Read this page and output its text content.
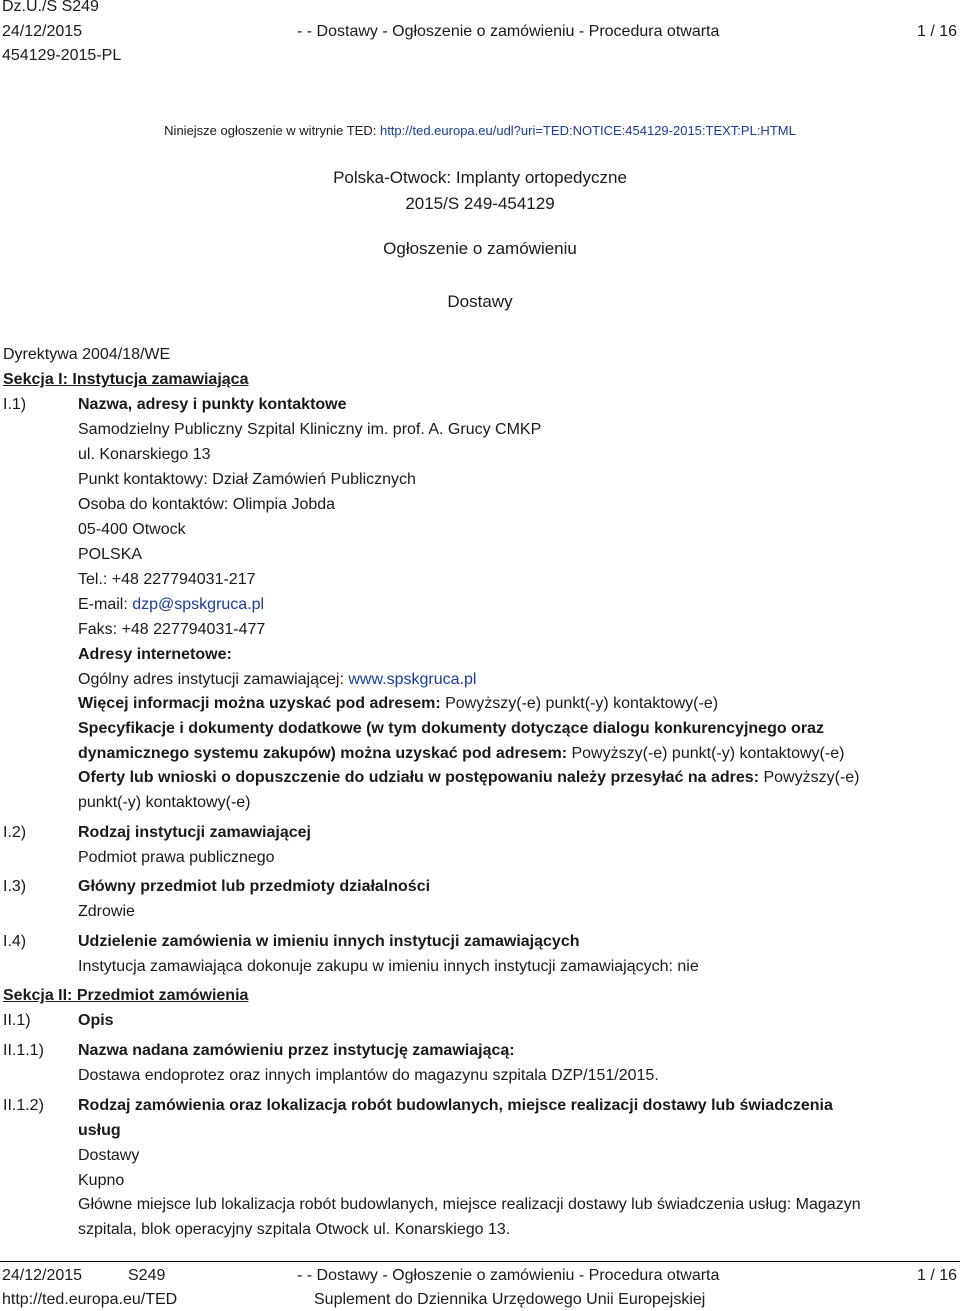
Dz.U./S S249
24/12/2015
454129-2015-PL
- - Dostawy - Ogłoszenie o zamówieniu - Procedura otwarta	1 / 16
Niniejsze ogłoszenie w witrynie TED: http://ted.europa.eu/udl?uri=TED:NOTICE:454129-2015:TEXT:PL:HTML
Polska-Otwock: Implanty ortopedyczne
2015/S 249-454129
Ogłoszenie o zamówieniu
Dostawy
Dyrektywa 2004/18/WE
Sekcja I: Instytucja zamawiająca
I.1)	Nazwa, adresy i punkty kontaktowe
Samodzielny Publiczny Szpital Kliniczny im. prof. A. Grucy CMKP
ul. Konarskiego 13
Punkt kontaktowy: Dział Zamówień Publicznych
Osoba do kontaktów: Olimpia Jobda
05-400 Otwock
POLSKA
Tel.: +48 227794031-217
E-mail: dzp@spskgruca.pl
Faks: +48 227794031-477
Adresy internetowe:
Ogólny adres instytucji zamawiającej: www.spskgruca.pl
Więcej informacji można uzyskać pod adresem: Powyższy(-e) punkt(-y) kontaktowy(-e)
Specyfikacje i dokumenty dodatkowe (w tym dokumenty dotyczące dialogu konkurencyjnego oraz
dynamicznego systemu zakupów) można uzyskać pod adresem: Powyższy(-e) punkt(-y) kontaktowy(-e)
Oferty lub wnioski o dopuszczenie do udziału w postępowaniu należy przesyłać na adres: Powyższy(-e)
punkt(-y) kontaktowy(-e)
I.2)	Rodzaj instytucji zamawiającej
Podmiot prawa publicznego
I.3)	Główny przedmiot lub przedmioty działalności
Zdrowie
I.4)	Udzielenie zamówienia w imieniu innych instytucji zamawiających
Instytucja zamawiająca dokonuje zakupu w imieniu innych instytucji zamawiających: nie
Sekcja II: Przedmiot zamówienia
II.1)	Opis
II.1.1) Nazwa nadana zamówieniu przez instytucję zamawiającą:
Dostawa endoprotez oraz innych implantów do magazynu szpitala DZP/151/2015.
II.1.2) Rodzaj zamówienia oraz lokalizacja robót budowlanych, miejsce realizacji dostawy lub świadczenia
usług
Dostawy
Kupno
Główne miejsce lub lokalizacja robót budowlanych, miejsce realizacji dostawy lub świadczenia usług: Magazyn
szpitala, blok operacyjny szpitala Otwock ul. Konarskiego 13.
24/12/2015	S249
http://ted.europa.eu/TED
- - Dostawy - Ogłoszenie o zamówieniu - Procedura otwarta
Suplement do Dziennika Urzędowego Unii Europejskiej
1 / 16
